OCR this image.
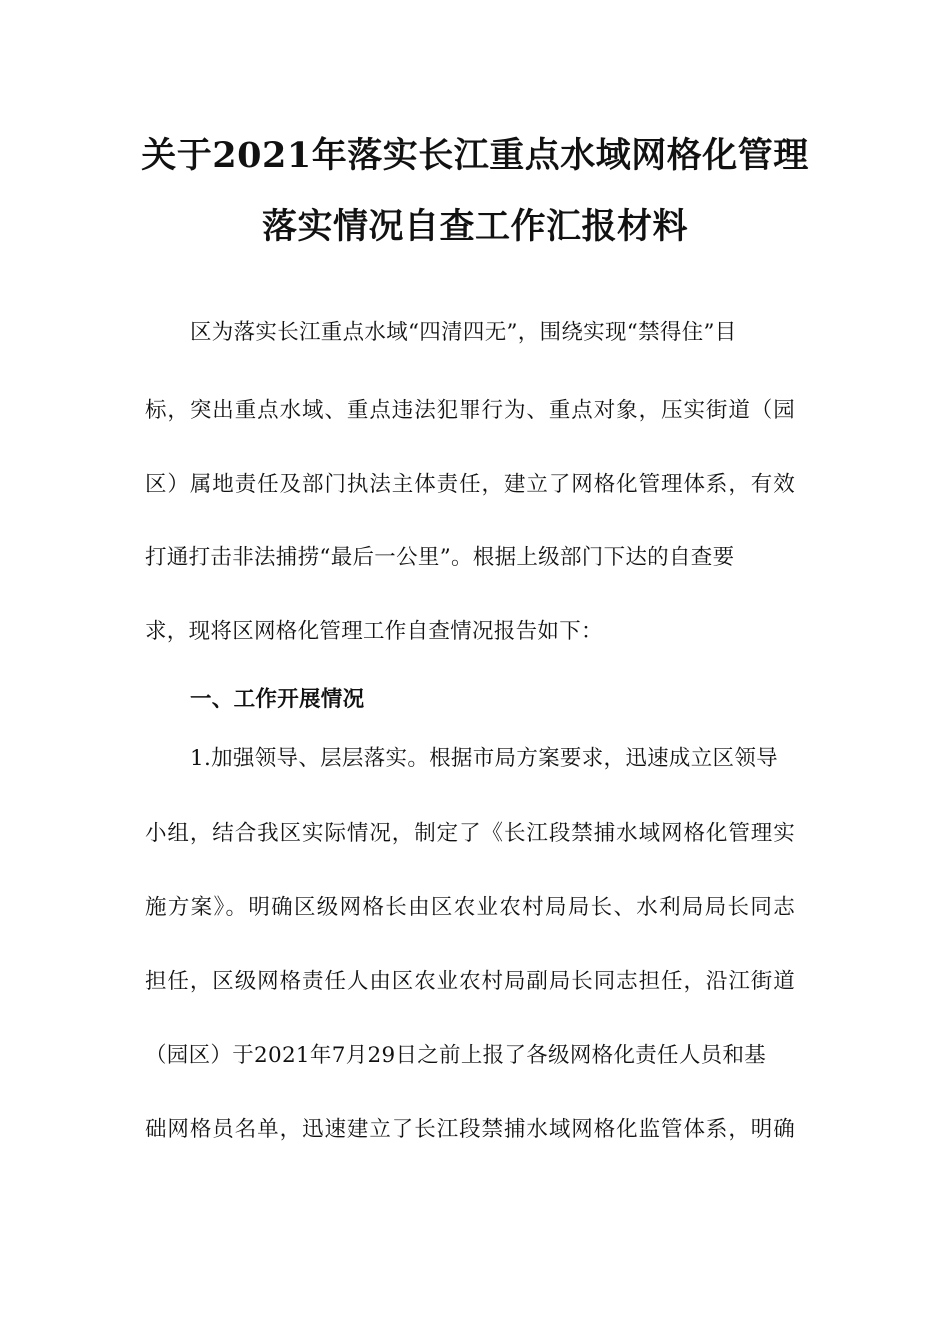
关于2021年落实长江重点水域网格化管理
落实情况自查工作汇报材料
区为落实长江重点水域“四清四无”，围绕实现“禁得住”目
标，突出重点水域、重点违法犯罪行为、重点对象，压实街道（园
区）属地责任及部门执法主体责任，建立了网格化管理体系，有效
打通打击非法捕捞“最后一公里”。根据上级部门下达的自查要
求，现将区网格化管理工作自查情况报告如下：
一、工作开展情况
1.加强领导、层层落实。根据市局方案要求，迅速成立区领导
小组，结合我区实际情况，制定了《长江段禁捕水域网格化管理实
施方案》。明确区级网格长由区农业农村局局长、水利局局长同志
担任，区级网格责任人由区农业农村局副局长同志担任，沿江街道
（园区）于2021年7月29日之前上报了各级网格化责任人员和基
础网格员名单，迅速建立了长江段禁捕水域网格化监管体系，明确
